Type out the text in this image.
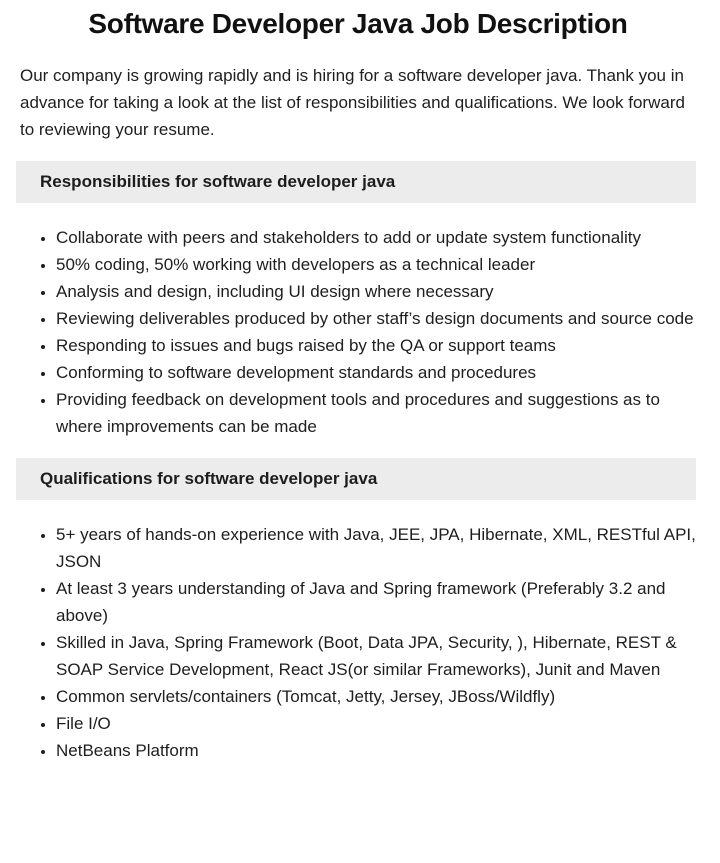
Software Developer Java Job Description

Our company is growing rapidly and is hiring for a software developer java. Thank you in advance for taking a look at the list of responsibilities and qualifications. We look forward to reviewing your resume.

Responsibilities for software developer java
• Collaborate with peers and stakeholders to add or update system functionality
• 50% coding, 50% working with developers as a technical leader
• Analysis and design, including UI design where necessary
• Reviewing deliverables produced by other staff’s design documents and source code
• Responding to issues and bugs raised by the QA or support teams
• Conforming to software development standards and procedures
• Providing feedback on development tools and procedures and suggestions as to where improvements can be made
Qualifications for software developer java
• 5+ years of hands-on experience with Java, JEE, JPA, Hibernate, XML, RESTful API, JSON
• At least 3 years understanding of Java and Spring framework (Preferably 3.2 and above)
• Skilled in Java, Spring Framework (Boot, Data JPA, Security, ), Hibernate, REST & SOAP Service Development, React JS(or similar Frameworks), Junit and Maven
• Common servlets/containers (Tomcat, Jetty, Jersey, JBoss/Wildfly)
• File I/O
• NetBeans Platform
